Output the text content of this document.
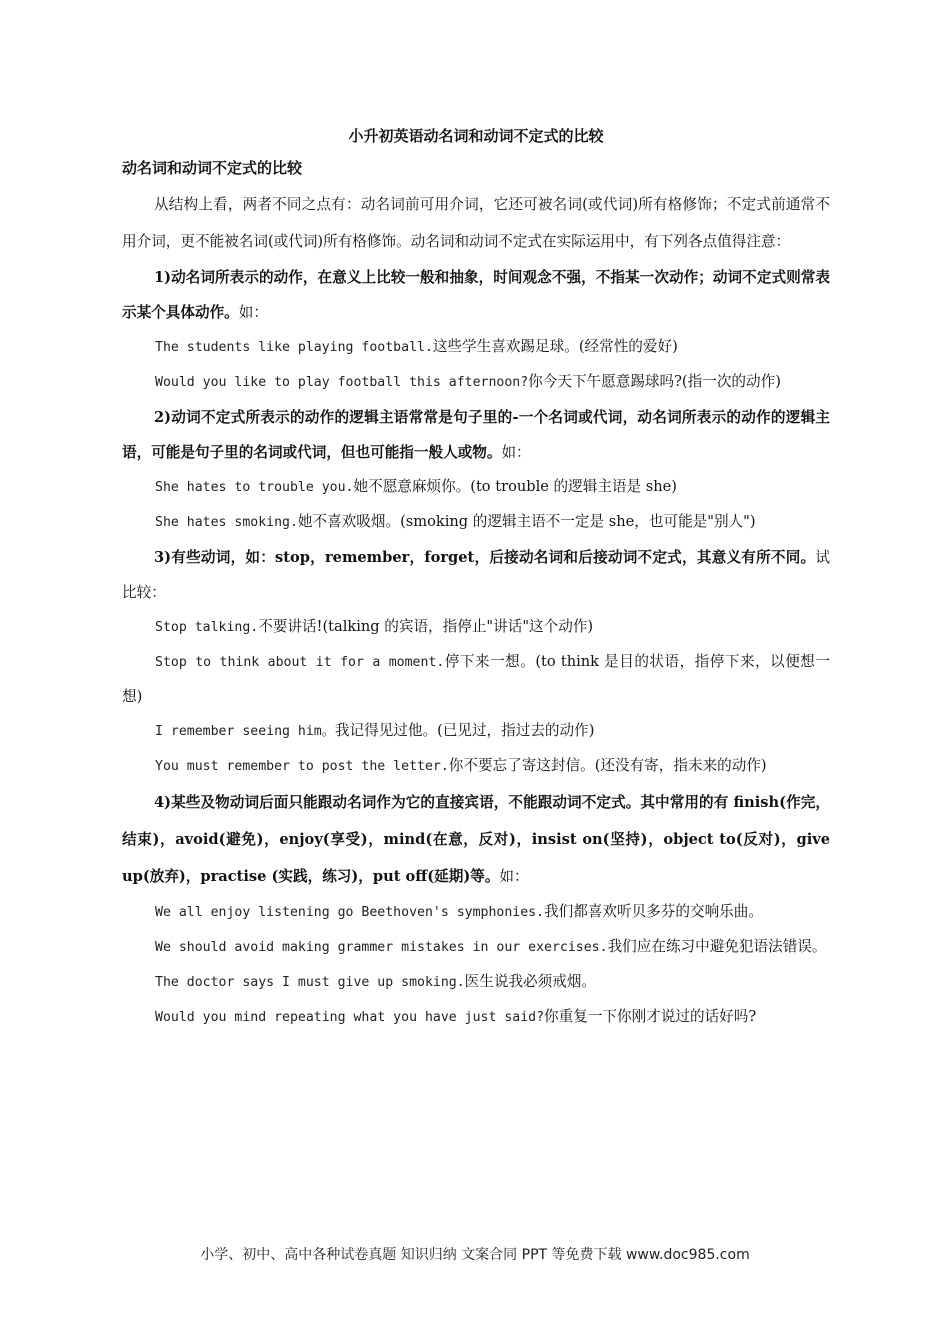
小升初英语动名词和动词不定式的比较
动名词和动词不定式的比较

从结构上看，两者不同之点有：动名词前可用介词，它还可被名词(或代词)所有格修饰；不定式前通常不用介词，更不能被名词(或代词)所有格修饰。动名词和动词不定式在实际运用中，有下列各点值得注意：

1)动名词所表示的动作，在意义上比较一般和抽象，时间观念不强，不指某一次动作；动词不定式则常表示某个具体动作。如：

The students like playing football.这些学生喜欢踢足球。(经常性的爱好)

Would you like to play football this afternoon?你今天下午愿意踢球吗?(指一次的动作)

2)动词不定式所表示的动作的逻辑主语常常是句子里的-一个名词或代词，动名词所表示的动作的逻辑主语，可能是句子里的名词或代词，但也可能指一般人或物。如：

She hates to trouble you.她不愿意麻烦你。(to trouble 的逻辑主语是 she)

She hates smoking.她不喜欢吸烟。(smoking 的逻辑主语不一定是 she，也可能是"别人")

3)有些动词，如：stop，remember，forget，后接动名词和后接动词不定式，其意义有所不同。试比较：

Stop talking.不要讲话!(talking 的宾语，指停止"讲话"这个动作)

Stop to think about it for a moment.停下来一想。(to think 是目的状语，指停下来，以便想一想)

I remember seeing him。我记得见过他。(已见过，指过去的动作)

You must remember to post the letter.你不要忘了寄这封信。(还没有寄，指未来的动作)

4)某些及物动词后面只能跟动名词作为它的直接宾语，不能跟动词不定式。其中常用的有 finish(作完，结束)，avoid(避免)，enjoy(享受)，mind(在意，反对)，insist on(坚持)，object to(反对)，give up(放弃)，practise (实践，练习)，put off(延期)等。如：

We all enjoy listening go Beethoven's symphonies.我们都喜欢听贝多芬的交响乐曲。

We should avoid making grammer mistakes in our exercises.我们应在练习中避免犯语法错误。

The doctor says I must give up smoking.医生说我必须戒烟。

Would you mind repeating what you have just said?你重复一下你刚才说过的话好吗?

小学、初中、高中各种试卷真题 知识归纳 文案合同 PPT 等免费下载 www.doc985.com
